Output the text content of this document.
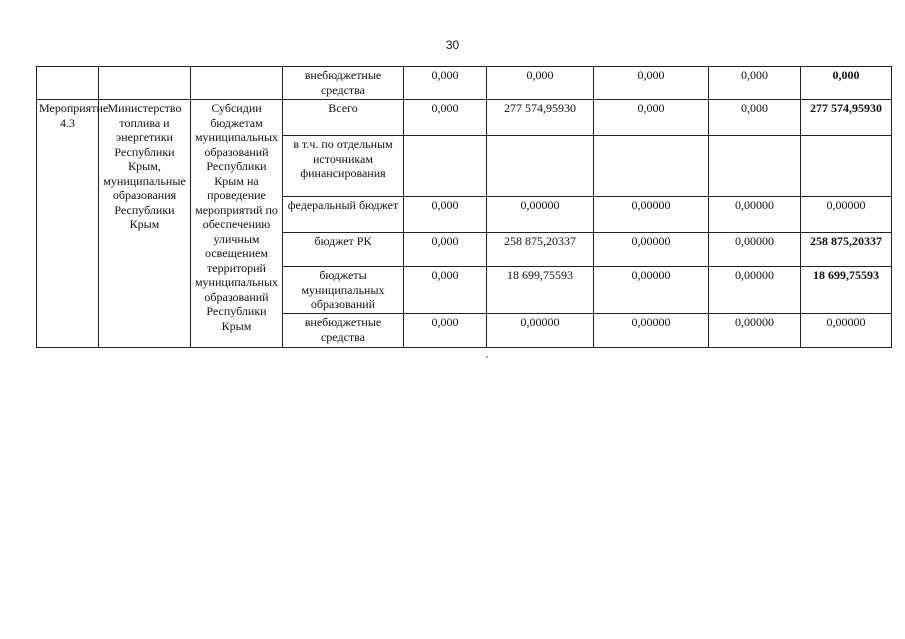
30
			внебюджетные средства	0,000	0,000	0,000	0,000	0,000
Мероприятие 4.3	Министерство топлива и энергетики Республики Крым, муниципальные образования Республики Крым	Субсидии бюджетам муниципальных образований Республики Крым на проведение мероприятий по обеспечению уличным освещением территорий муниципальных образований Республики Крым	Всего	0,000	277 574,95930	0,000	0,000	277 574,95930
			в т.ч. по отдельным источникам финансирования					
			федеральный бюджет	0,000	0,00000	0,00000	0,00000	0,00000
			бюджет РК	0,000	258 875,20337	0,00000	0,00000	258 875,20337
			бюджеты муниципальных образований	0,000	18 699,75593	0,00000	0,00000	18 699,75593
			внебюджетные средства	0,000	0,00000	0,00000	0,00000	0,00000
